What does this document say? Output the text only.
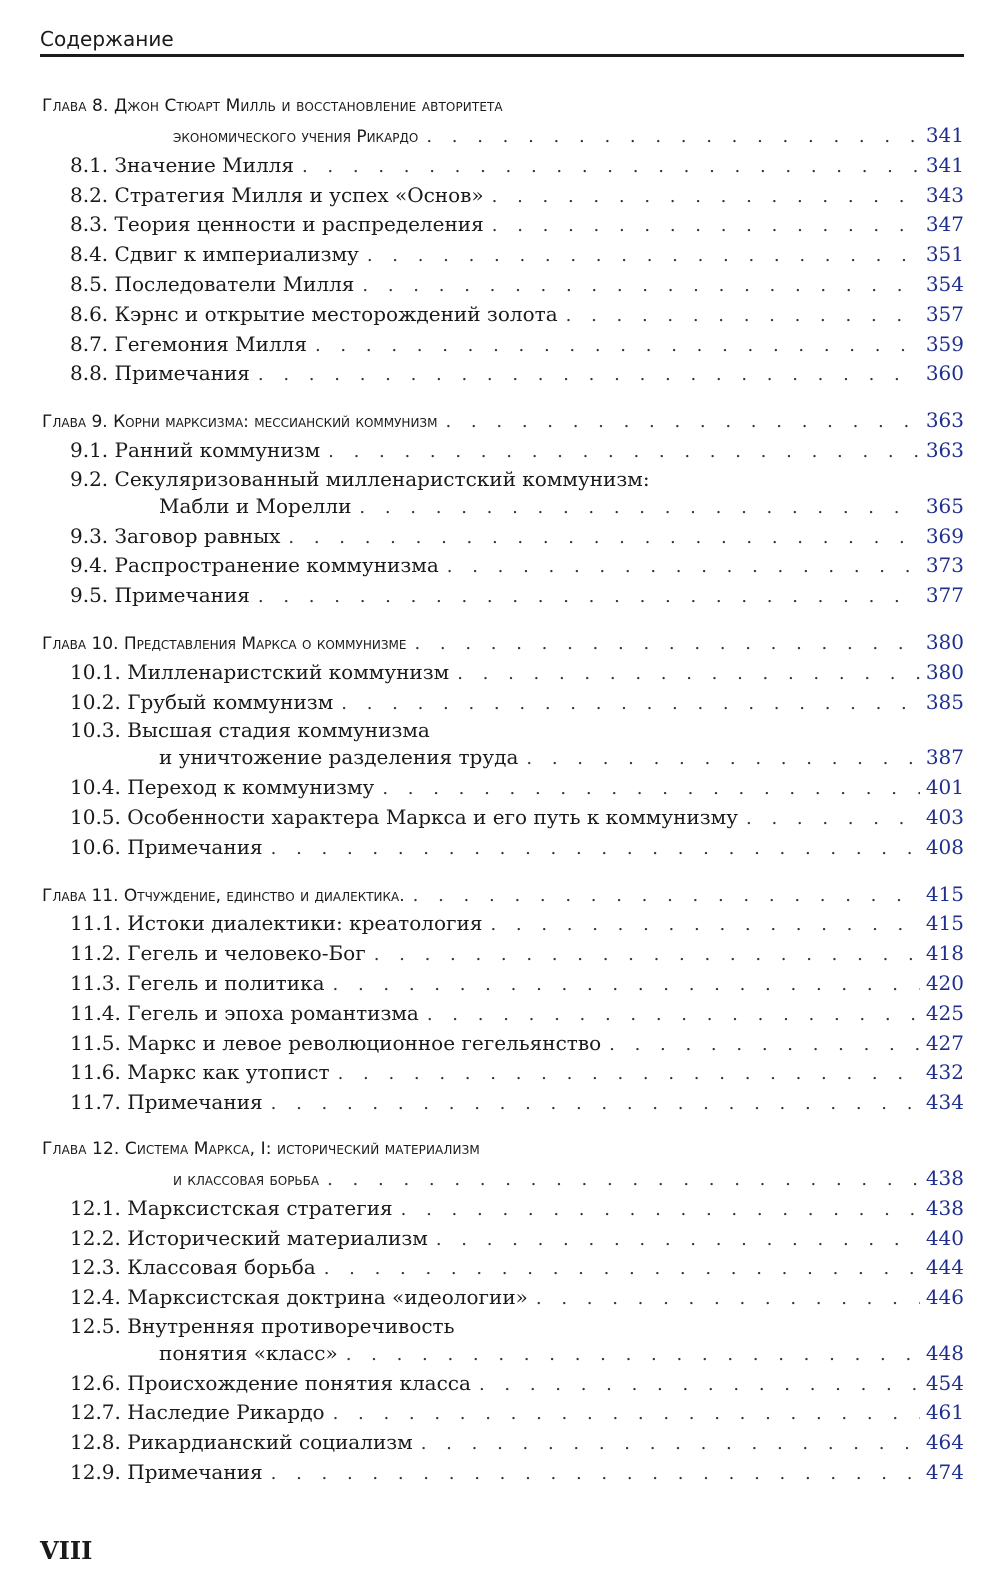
Содержание
Глава 8. Джон Стюарт Милль и восстановление авторитета
экономического учения Рикардо . . .	341
8.1. Значение Милля . . .	341
8.2. Стратегия Милля и успех «Основ» . . .	343
8.3. Теория ценности и распределения . . .	347
8.4. Сдвиг к империализму . . .	351
8.5. Последователи Милля . . .	354
8.6. Кэрнс и открытие месторождений золота . . .	357
8.7. Гегемония Милля . . .	359
8.8. Примечания . . .	360
Глава 9. Корни марксизма: мессианский коммунизм . . .	363
9.1. Ранний коммунизм . . .	363
9.2. Секуляризованный милленаристский коммунизм:
Мабли и Морелли . . .	365
9.3. Заговор равных . . .	369
9.4. Распространение коммунизма . . .	373
9.5. Примечания . . .	377
Глава 10. Представления Маркса о коммунизме . . .	380
10.1. Милленаристский коммунизм . . .	380
10.2. Грубый коммунизм . . .	385
10.3. Высшая стадия коммунизма
и уничтожение разделения труда . . .	387
10.4. Переход к коммунизму . . .	401
10.5. Особенности характера Маркса и его путь к коммунизму . . .	403
10.6. Примечания . . .	408
Глава 11. Отчуждение, единство и диалектика. . . .	415
11.1. Истоки диалектики: креатология . . .	415
11.2. Гегель и человеко-Бог . . .	418
11.3. Гегель и политика . . .	420
11.4. Гегель и эпоха романтизма . . .	425
11.5. Маркс и левое революционное гегельянство . . .	427
11.6. Маркс как утопист . . .	432
11.7. Примечания . . .	434
Глава 12. Система Маркса, I: исторический материализм
и классовая борьба . . .	438
12.1. Марксистская стратегия . . .	438
12.2. Исторический материализм . . .	440
12.3. Классовая борьба . . .	444
12.4. Марксистская доктрина «идеологии» . . .	446
12.5. Внутренняя противоречивость
понятия «класс» . . .	448
12.6. Происхождение понятия класса . . .	454
12.7. Наследие Рикардо . . .	461
12.8. Рикардианский социализм . . .	464
12.9. Примечания . . .	474
VIII
